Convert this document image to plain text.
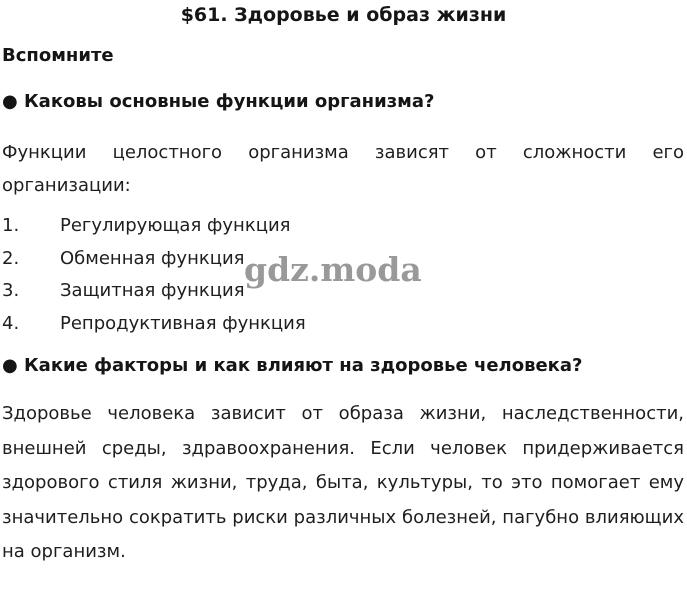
$61. Здоровье и образ жизни
Вспомните
● Каковы основные функции организма?
Функции целостного организма зависят от сложности его организации:
1. Регулирующая функция
2. Обменная функция
3. Защитная функция
4. Репродуктивная функция
● Какие факторы и как влияют на здоровье человека?
Здоровье человека зависит от образа жизни, наследственности, внешней среды, здравоохранения. Если человек придерживается здорового стиля жизни, труда, быта, культуры, то это помогает ему значительно сократить риски различных болезней, пагубно влияющих на организм.
gdz.moda
